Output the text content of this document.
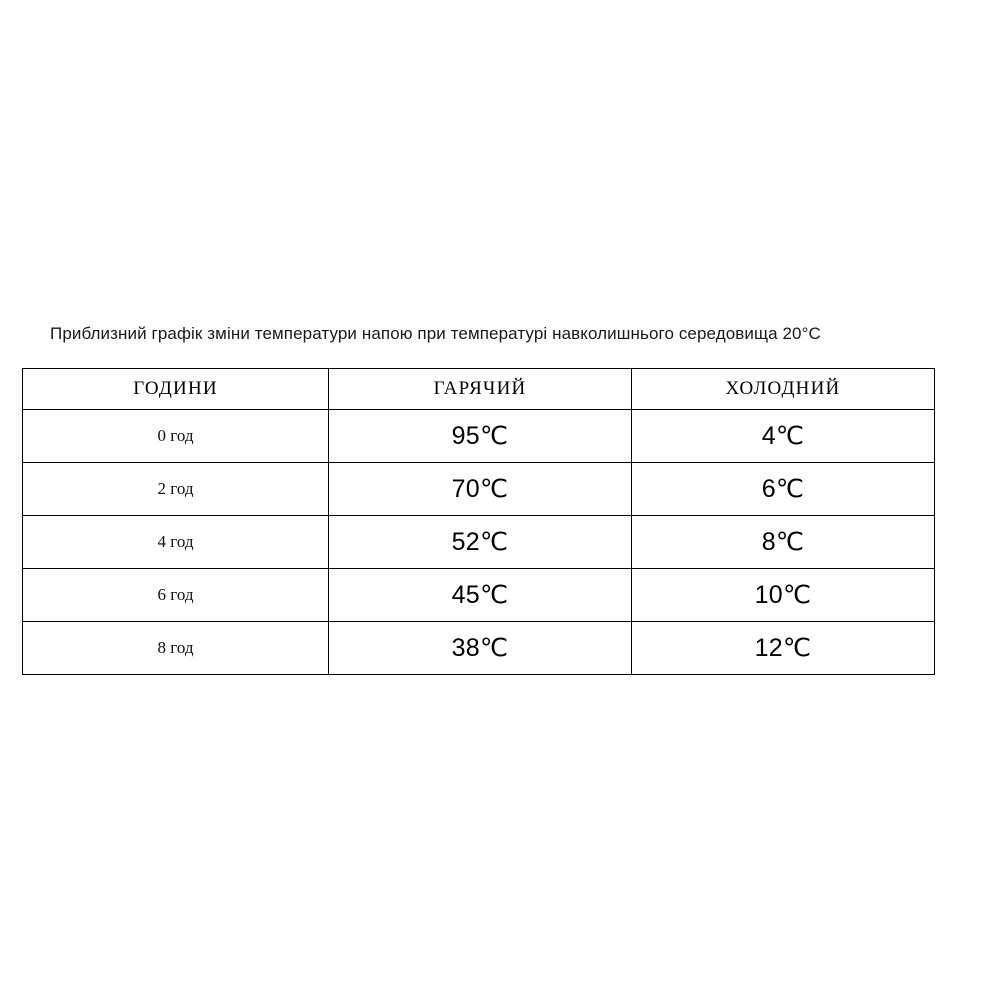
Приблизний графік зміни температури напою при температурі навколишнього середовища 20°C
ГОДИНИ	ГАРЯЧИЙ	ХОЛОДНИЙ
0 год	95℃	4℃
2 год	70℃	6℃
4 год	52℃	8℃
6 год	45℃	10℃
8 год	38℃	12℃
